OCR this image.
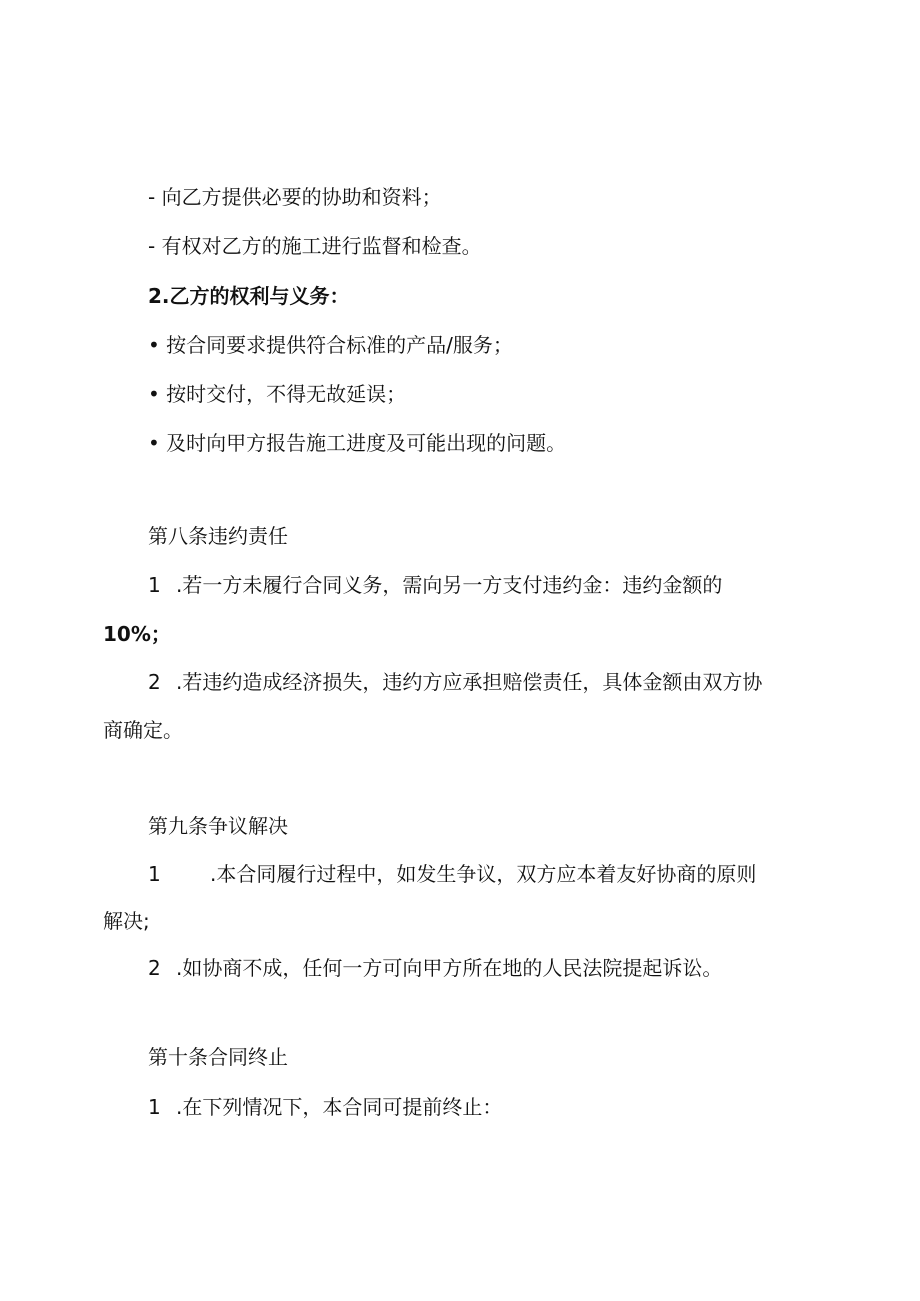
- 向乙方提供必要的协助和资料；
- 有权对乙方的施工进行监督和检查。
2.乙方的权利与义务：
• 按合同要求提供符合标准的产品/服务；
• 按时交付，不得无故延误；
• 及时向甲方报告施工进度及可能出现的问题。
第八条违约责任
1 .若一方未履行合同义务，需向另一方支付违约金：违约金额的
10%；
2 .若违约造成经济损失，违约方应承担赔偿责任，具体金额由双方协
商确定。
第九条争议解决
1 .本合同履行过程中，如发生争议，双方应本着友好协商的原则
解决;
2 .如协商不成，任何一方可向甲方所在地的人民法院提起诉讼。
第十条合同终止
1 .在下列情况下，本合同可提前终止：
